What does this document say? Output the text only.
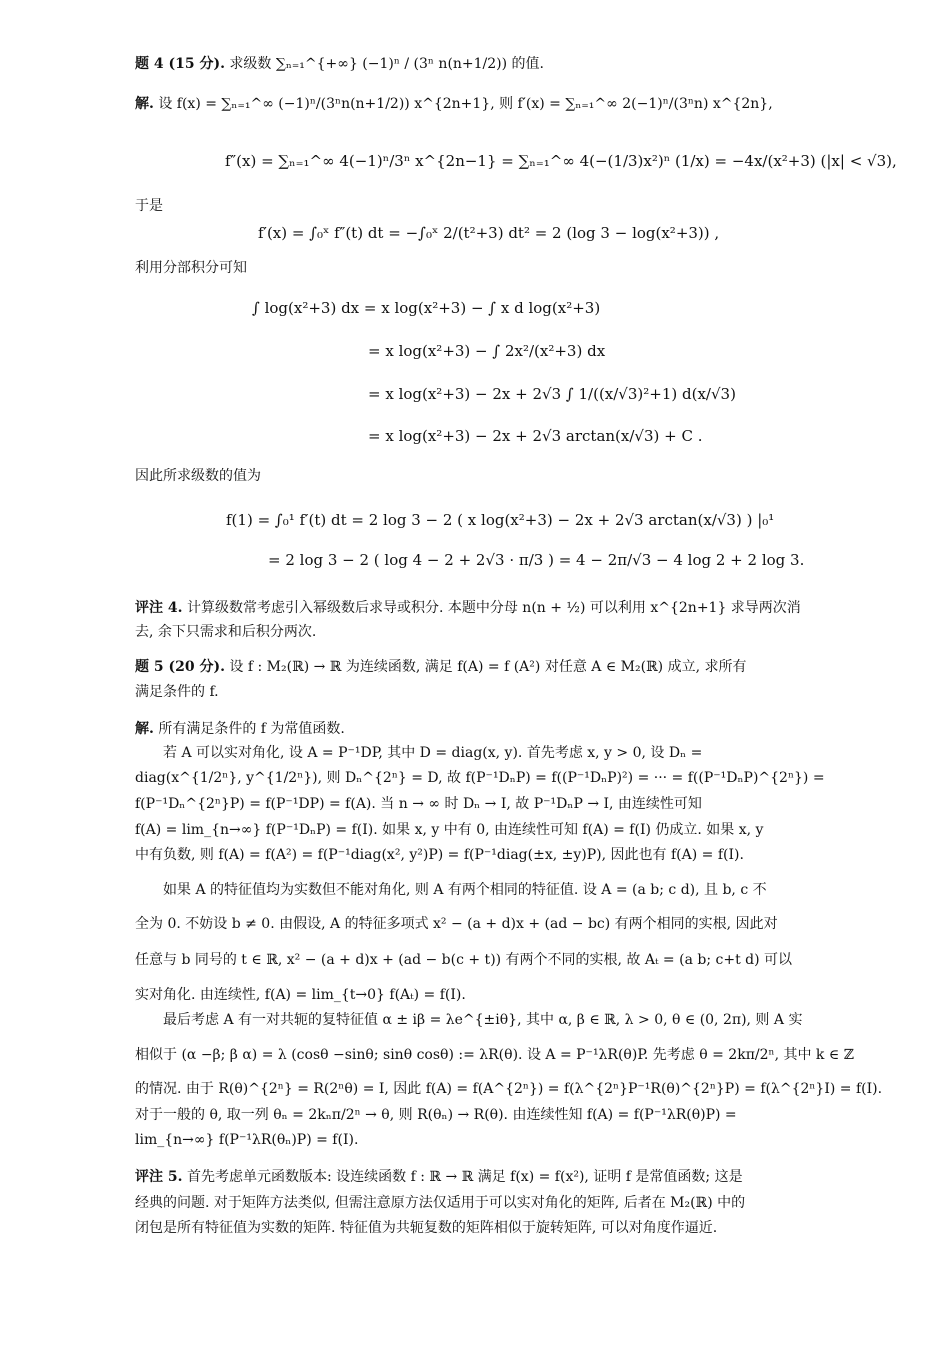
题 4 (15 分). 求级数 ∑ₙ₌₁^{+∞} (−1)ⁿ / (3ⁿ n(n+1/2)) 的值.
解. 设 f(x) = ∑ₙ₌₁^∞ (−1)ⁿ/(3ⁿn(n+1/2)) x^{2n+1}, 则 f′(x) = ∑ₙ₌₁^∞ 2(−1)ⁿ/(3ⁿn) x^{2n},
f″(x) = ∑ₙ₌₁^∞ 4(−1)ⁿ/3ⁿ x^{2n−1} = ∑ₙ₌₁^∞ 4(−(1/3)x²)ⁿ (1/x) = −4x/(x²+3) (|x| < √3),
于是
f′(x) = ∫₀ˣ f″(t) dt = −∫₀ˣ 2/(t²+3) dt² = 2 (log 3 − log(x²+3)) ,
利用分部积分可知
∫ log(x²+3) dx = x log(x²+3) − ∫ x d log(x²+3)
= x log(x²+3) − ∫ 2x²/(x²+3) dx
= x log(x²+3) − 2x + 2√3 ∫ 1/((x/√3)²+1) d(x/√3)
= x log(x²+3) − 2x + 2√3 arctan(x/√3) + C .
因此所求级数的值为
f(1) = ∫₀¹ f′(t) dt = 2 log 3 − 2 ( x log(x²+3) − 2x + 2√3 arctan(x/√3) ) |₀¹
= 2 log 3 − 2 ( log 4 − 2 + 2√3 · π/3 ) = 4 − 2π/√3 − 4 log 2 + 2 log 3.
评注 4. 计算级数常考虑引入幂级数后求导或积分. 本题中分母 n(n + ½) 可以利用 x^{2n+1} 求导两次消
去, 余下只需求和后积分两次.
题 5 (20 分). 设 f : M₂(ℝ) → ℝ 为连续函数, 满足 f(A) = f (A²) 对任意 A ∈ M₂(ℝ) 成立, 求所有
满足条件的 f.
解. 所有满足条件的 f 为常值函数.
若 A 可以实对角化, 设 A = P⁻¹DP, 其中 D = diag(x, y). 首先考虑 x, y > 0, 设 Dₙ =
diag(x^{1/2ⁿ}, y^{1/2ⁿ}), 则 Dₙ^{2ⁿ} = D, 故 f(P⁻¹DₙP) = f((P⁻¹DₙP)²) = ··· = f((P⁻¹DₙP)^{2ⁿ}) =
f(P⁻¹Dₙ^{2ⁿ}P) = f(P⁻¹DP) = f(A). 当 n → ∞ 时 Dₙ → I, 故 P⁻¹DₙP → I, 由连续性可知
f(A) = lim_{n→∞} f(P⁻¹DₙP) = f(I). 如果 x, y 中有 0, 由连续性可知 f(A) = f(I) 仍成立. 如果 x, y
中有负数, 则 f(A) = f(A²) = f(P⁻¹diag(x², y²)P) = f(P⁻¹diag(±x, ±y)P), 因此也有 f(A) = f(I).
如果 A 的特征值均为实数但不能对角化, 则 A 有两个相同的特征值. 设 A = (a b; c d), 且 b, c 不
全为 0. 不妨设 b ≠ 0. 由假设, A 的特征多项式 x² − (a + d)x + (ad − bc) 有两个相同的实根, 因此对
任意与 b 同号的 t ∈ ℝ, x² − (a + d)x + (ad − b(c + t)) 有两个不同的实根, 故 Aₜ = (a b; c+t d) 可以
实对角化. 由连续性, f(A) = lim_{t→0} f(Aₜ) = f(I).
最后考虑 A 有一对共轭的复特征值 α ± iβ = λe^{±iθ}, 其中 α, β ∈ ℝ, λ > 0, θ ∈ (0, 2π), 则 A 实
相似于 (α −β; β α) = λ (cosθ −sinθ; sinθ cosθ) := λR(θ). 设 A = P⁻¹λR(θ)P. 先考虑 θ = 2kπ/2ⁿ, 其中 k ∈ ℤ
的情况. 由于 R(θ)^{2ⁿ} = R(2ⁿθ) = I, 因此 f(A) = f(A^{2ⁿ}) = f(λ^{2ⁿ}P⁻¹R(θ)^{2ⁿ}P) = f(λ^{2ⁿ}I) = f(I).
对于一般的 θ, 取一列 θₙ = 2kₙπ/2ⁿ → θ, 则 R(θₙ) → R(θ). 由连续性知 f(A) = f(P⁻¹λR(θ)P) =
lim_{n→∞} f(P⁻¹λR(θₙ)P) = f(I).
评注 5. 首先考虑单元函数版本: 设连续函数 f : ℝ → ℝ 满足 f(x) = f(x²), 证明 f 是常值函数; 这是
经典的问题. 对于矩阵方法类似, 但需注意原方法仅适用于可以实对角化的矩阵, 后者在 M₂(ℝ) 中的
闭包是所有特征值为实数的矩阵. 特征值为共轭复数的矩阵相似于旋转矩阵, 可以对角度作逼近.
